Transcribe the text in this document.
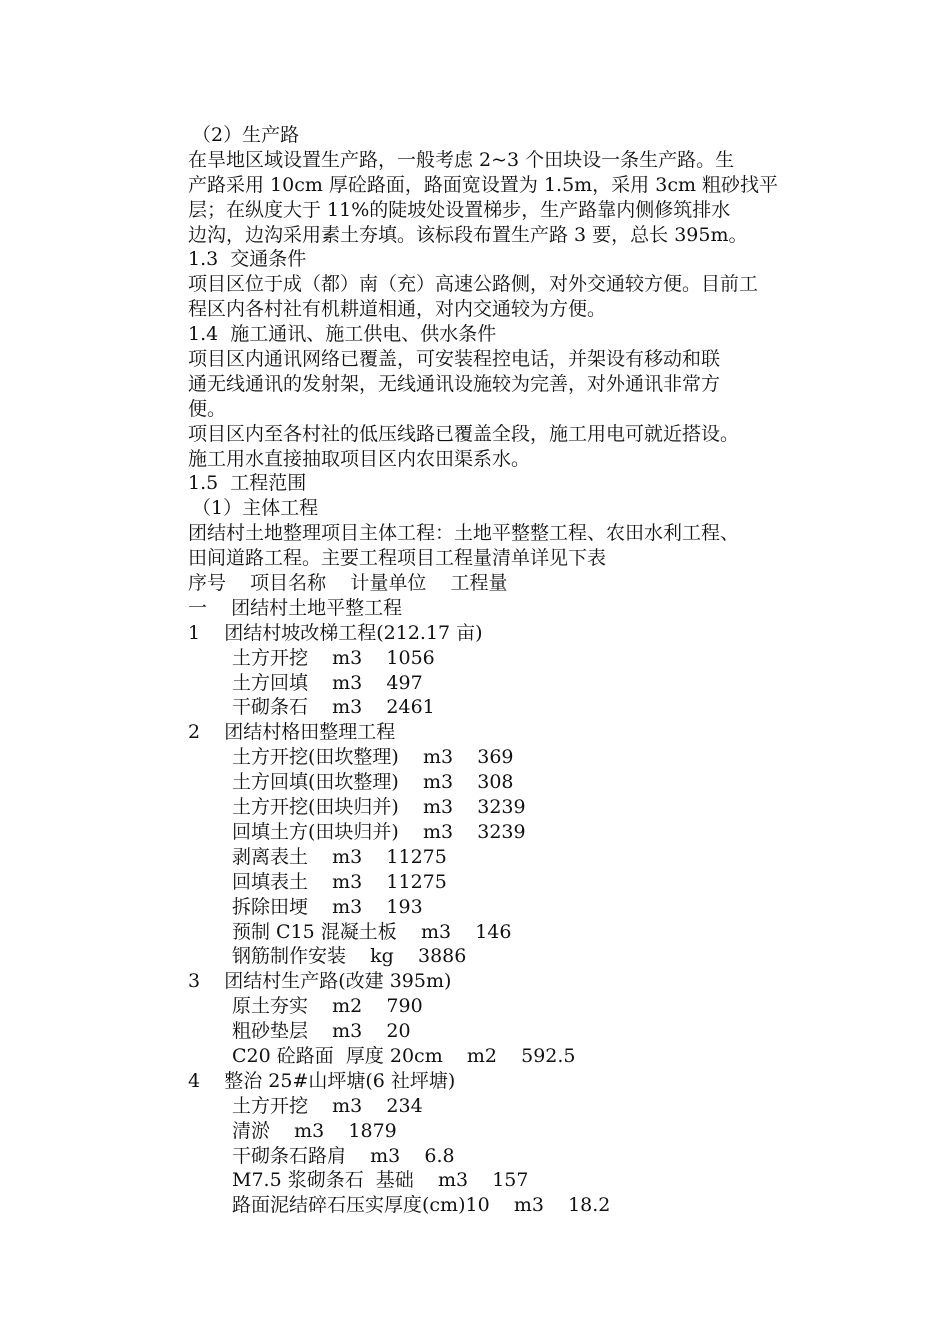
（2）生产路
在旱地区域设置生产路，一般考虑 2~3 个田块设一条生产路。生
产路采用 10cm 厚砼路面，路面宽设置为 1.5m，采用 3cm 粗砂找平
层；在纵度大于 11%的陡坡处设置梯步，生产路靠内侧修筑排水
边沟，边沟采用素土夯填。该标段布置生产路 3 要，总长 395m。
1.3  交通条件
项目区位于成（都）南（充）高速公路侧，对外交通较方便。目前工
程区内各村社有机耕道相通，对内交通较为方便。
1.4  施工通讯、施工供电、供水条件
项目区内通讯网络已覆盖，可安装程控电话，并架设有移动和联
通无线通讯的发射架，无线通讯设施较为完善，对外通讯非常方
便。
项目区内至各村社的低压线路已覆盖全段，施工用电可就近搭设。
施工用水直接抽取项目区内农田渠系水。
1.5  工程范围
（1）主体工程
团结村土地整理项目主体工程：土地平整整工程、农田水利工程、
田间道路工程。主要工程项目工程量清单详见下表
序号    项目名称    计量单位    工程量
一    团结村土地平整工程
1    团结村坡改梯工程(212.17 亩)
土方开挖    m3    1056
土方回填    m3    497
干砌条石    m3    2461
2    团结村格田整理工程
土方开挖(田坎整理)    m3    369
土方回填(田坎整理)    m3    308
土方开挖(田块归并)    m3    3239
回填土方(田块归并)    m3    3239
剥离表土    m3    11275
回填表土    m3    11275
拆除田埂    m3    193
预制 C15 混凝土板    m3    146
钢筋制作安装    kg    3886
3    团结村生产路(改建 395m)
原土夯实    m2    790
粗砂垫层    m3    20
C20 砼路面  厚度 20cm    m2    592.5
4    整治 25#山坪塘(6 社坪塘)
土方开挖    m3    234
清淤    m3    1879
干砌条石路肩    m3    6.8
M7.5 浆砌条石  基础    m3    157
路面泥结碎石压实厚度(cm)10    m3    18.2
